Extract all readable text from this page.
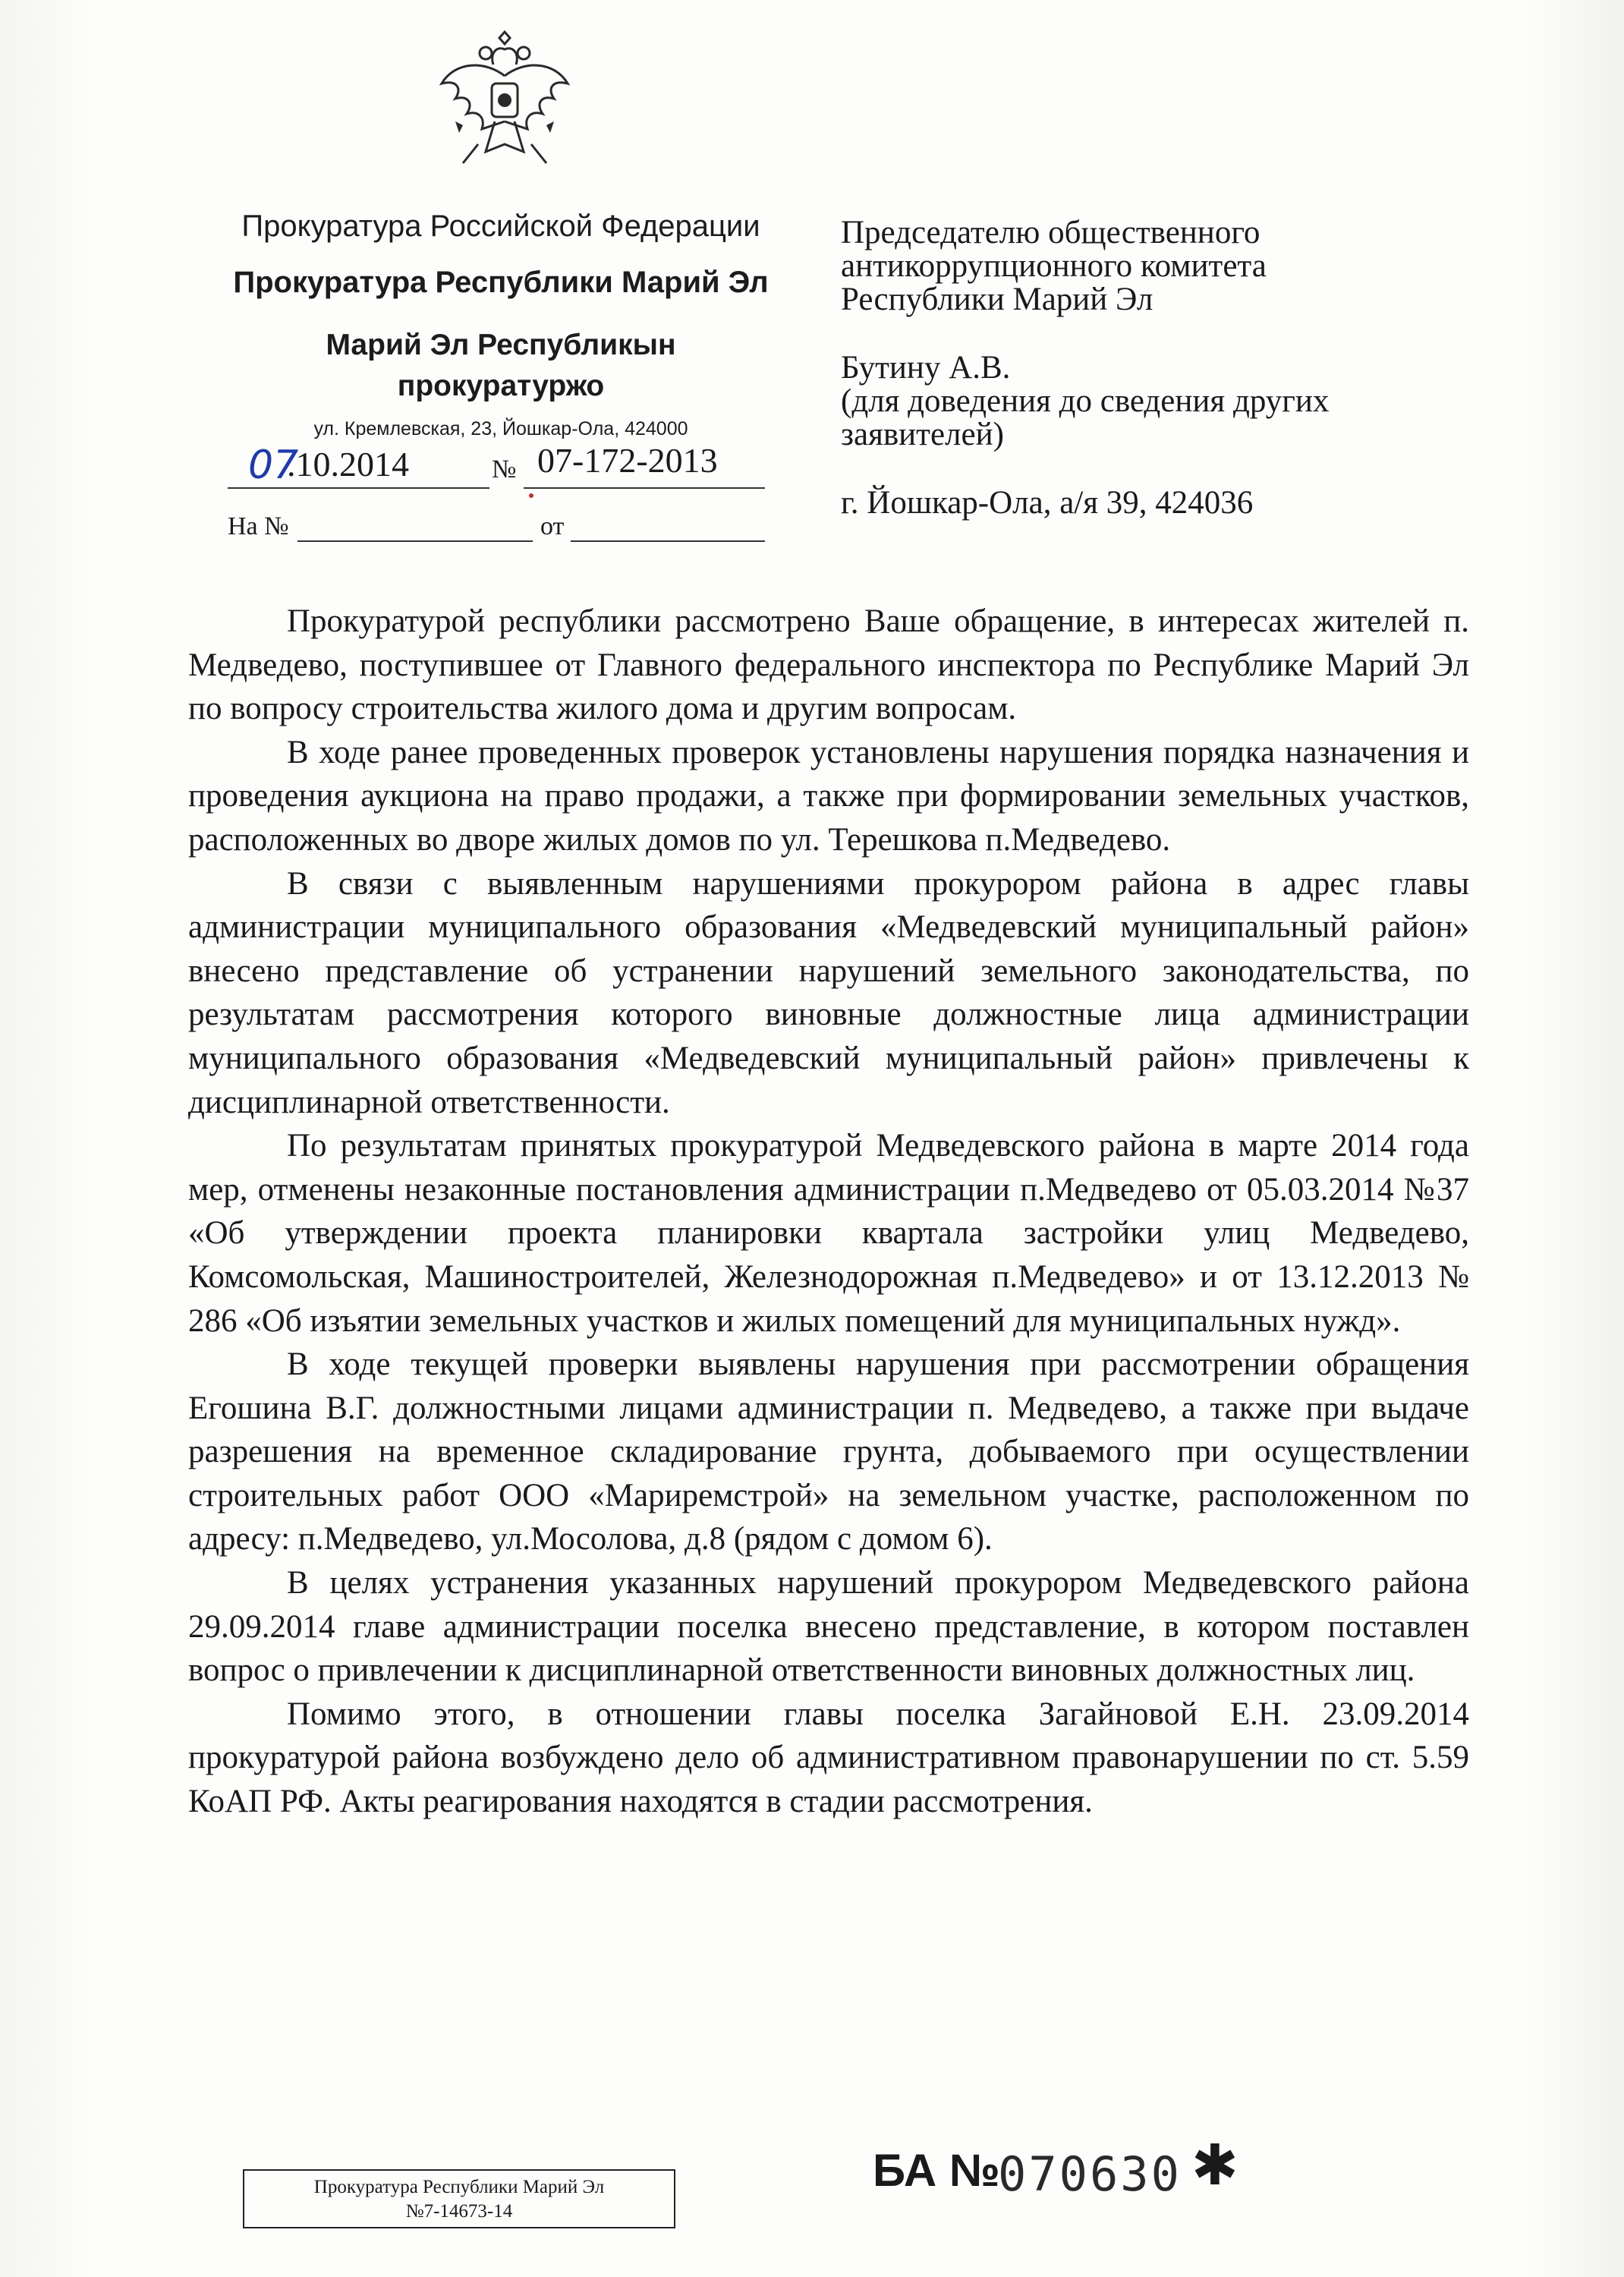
Прокуратура Российской Федерации
Прокуратура Республики Марий Эл
Марий Эл Республикын
прокуратуржо
ул. Кремлевская, 23, Йошкар-Ола, 424000
07
.10.2014	№ 07-172-2013
На №	от
Председателю общественного
антикоррупционного комитета
Республики Марий Эл
Бутину А.В.
(для доведения до сведения других
заявителей)
г. Йошкар-Ола, а/я 39, 424036

Прокуратурой республики рассмотрено Ваше обращение, в интересах жителей п. Медведево, поступившее от Главного федерального инспектора по Республике Марий Эл по вопросу строительства жилого дома и другим вопросам.

В ходе ранее проведенных проверок установлены нарушения порядка назначения и проведения аукциона на право продажи, а также при формировании земельных участков, расположенных во дворе жилых домов по ул. Терешкова п.Медведево.

В связи с выявленным нарушениями прокурором района в адрес главы администрации муниципального образования «Медведевский муниципальный район» внесено представление об устранении нарушений земельного законодательства, по результатам рассмотрения которого виновные должностные лица администрации муниципального образования «Медведевский муниципальный район» привлечены к дисциплинарной ответственности.

По результатам принятых прокуратурой Медведевского района в марте 2014 года мер, отменены незаконные постановления администрации п.Медведево от 05.03.2014 №37 «Об утверждении проекта планировки квартала застройки улиц Медведево, Комсомольская, Машиностроителей, Железнодорожная п.Медведево» и от 13.12.2013 № 286 «Об изъятии земельных участков и жилых помещений для муниципальных нужд».

В ходе текущей проверки выявлены нарушения при рассмотрении обращения Егошина В.Г. должностными лицами администрации п. Медведево, а также при выдаче разрешения на временное складирование грунта, добываемого при осуществлении строительных работ ООО «Мариремстрой» на земельном участке, расположенном по адресу: п.Медведево, ул.Мосолова, д.8 (рядом с домом 6).

В целях устранения указанных нарушений прокурором Медведевского района 29.09.2014 главе администрации поселка внесено представление, в котором поставлен вопрос о привлечении к дисциплинарной ответственности виновных должностных лиц.

Помимо этого, в отношении главы поселка Загайновой Е.Н. 23.09.2014 прокуратурой района возбуждено дело об административном правонарушении по ст. 5.59 КоАП РФ. Акты реагирования находятся в стадии рассмотрения.

Прокуратура Республики Марий Эл
№7-14673-14
БА №
070630 ✱
